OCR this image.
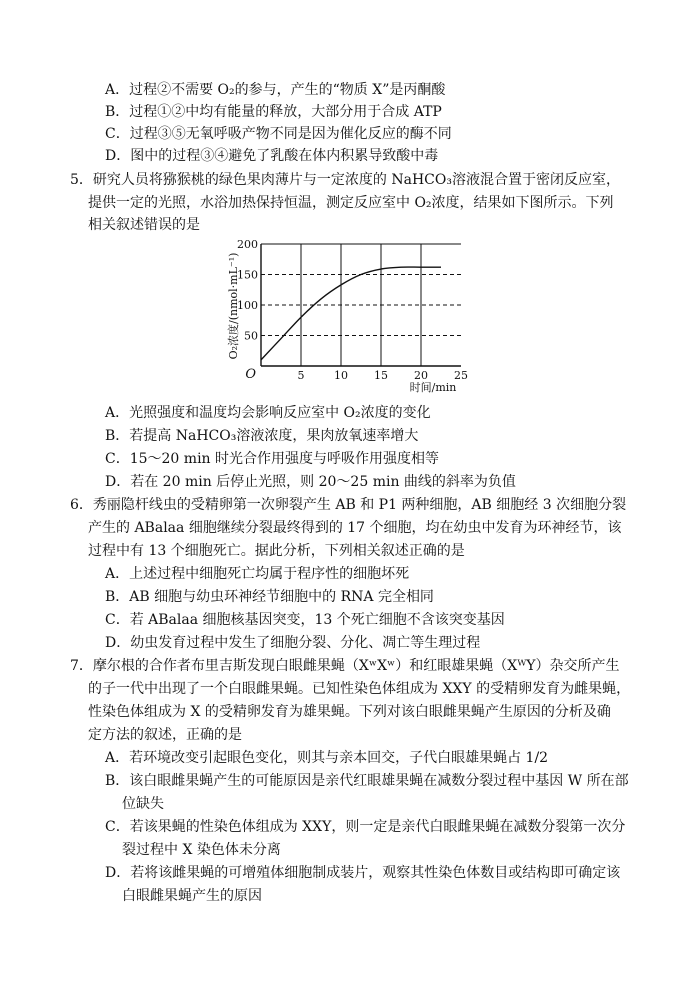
A．过程②不需要 O₂的参与，产生的“物质 X”是丙酮酸
B．过程①②中均有能量的释放，大部分用于合成 ATP
C．过程③⑤无氧呼吸产物不同是因为催化反应的酶不同
D．图中的过程③④避免了乳酸在体内积累导致酸中毒
5．研究人员将猕猴桃的绿色果肉薄片与一定浓度的 NaHCO₃溶液混合置于密闭反应室，
提供一定的光照，水浴加热保持恒温，测定反应室中 O₂浓度，结果如下图所示。下列
相关叙述错误的是
5	10 15 20 25
50
100
150
200
O
时间/min
O₂浓度/(nmol·mL⁻¹)
A．光照强度和温度均会影响反应室中 O₂浓度的变化
B．若提高 NaHCO₃溶液浓度，果肉放氧速率增大
C．15～20 min 时光合作用强度与呼吸作用强度相等
D．若在 20 min 后停止光照，则 20～25 min 曲线的斜率为负值
6．秀丽隐杆线虫的受精卵第一次卵裂产生 AB 和 P1 两种细胞，AB 细胞经 3 次细胞分裂
产生的 ABalaa 细胞继续分裂最终得到的 17 个细胞，均在幼虫中发育为环神经节，该
过程中有 13 个细胞死亡。据此分析，下列相关叙述正确的是
A．上述过程中细胞死亡均属于程序性的细胞坏死
B．AB 细胞与幼虫环神经节细胞中的 RNA 完全相同
C．若 ABalaa 细胞核基因突变，13 个死亡细胞不含该突变基因
D．幼虫发育过程中发生了细胞分裂、分化、凋亡等生理过程
7．摩尔根的合作者布里吉斯发现白眼雌果蝇（XʷXʷ）和红眼雄果蝇（XᵂY）杂交所产生
的子一代中出现了一个白眼雌果蝇。已知性染色体组成为 XXY 的受精卵发育为雌果蝇，
性染色体组成为 X 的受精卵发育为雄果蝇。下列对该白眼雌果蝇产生原因的分析及确
定方法的叙述，正确的是
A．若环境改变引起眼色变化，则其与亲本回交，子代白眼雄果蝇占 1/2
B．该白眼雌果蝇产生的可能原因是亲代红眼雄果蝇在减数分裂过程中基因 W 所在部
位缺失
C．若该果蝇的性染色体组成为 XXY，则一定是亲代白眼雌果蝇在减数分裂第一次分
裂过程中 X 染色体未分离
D．若将该雌果蝇的可增殖体细胞制成装片，观察其性染色体数目或结构即可确定该
白眼雌果蝇产生的原因
